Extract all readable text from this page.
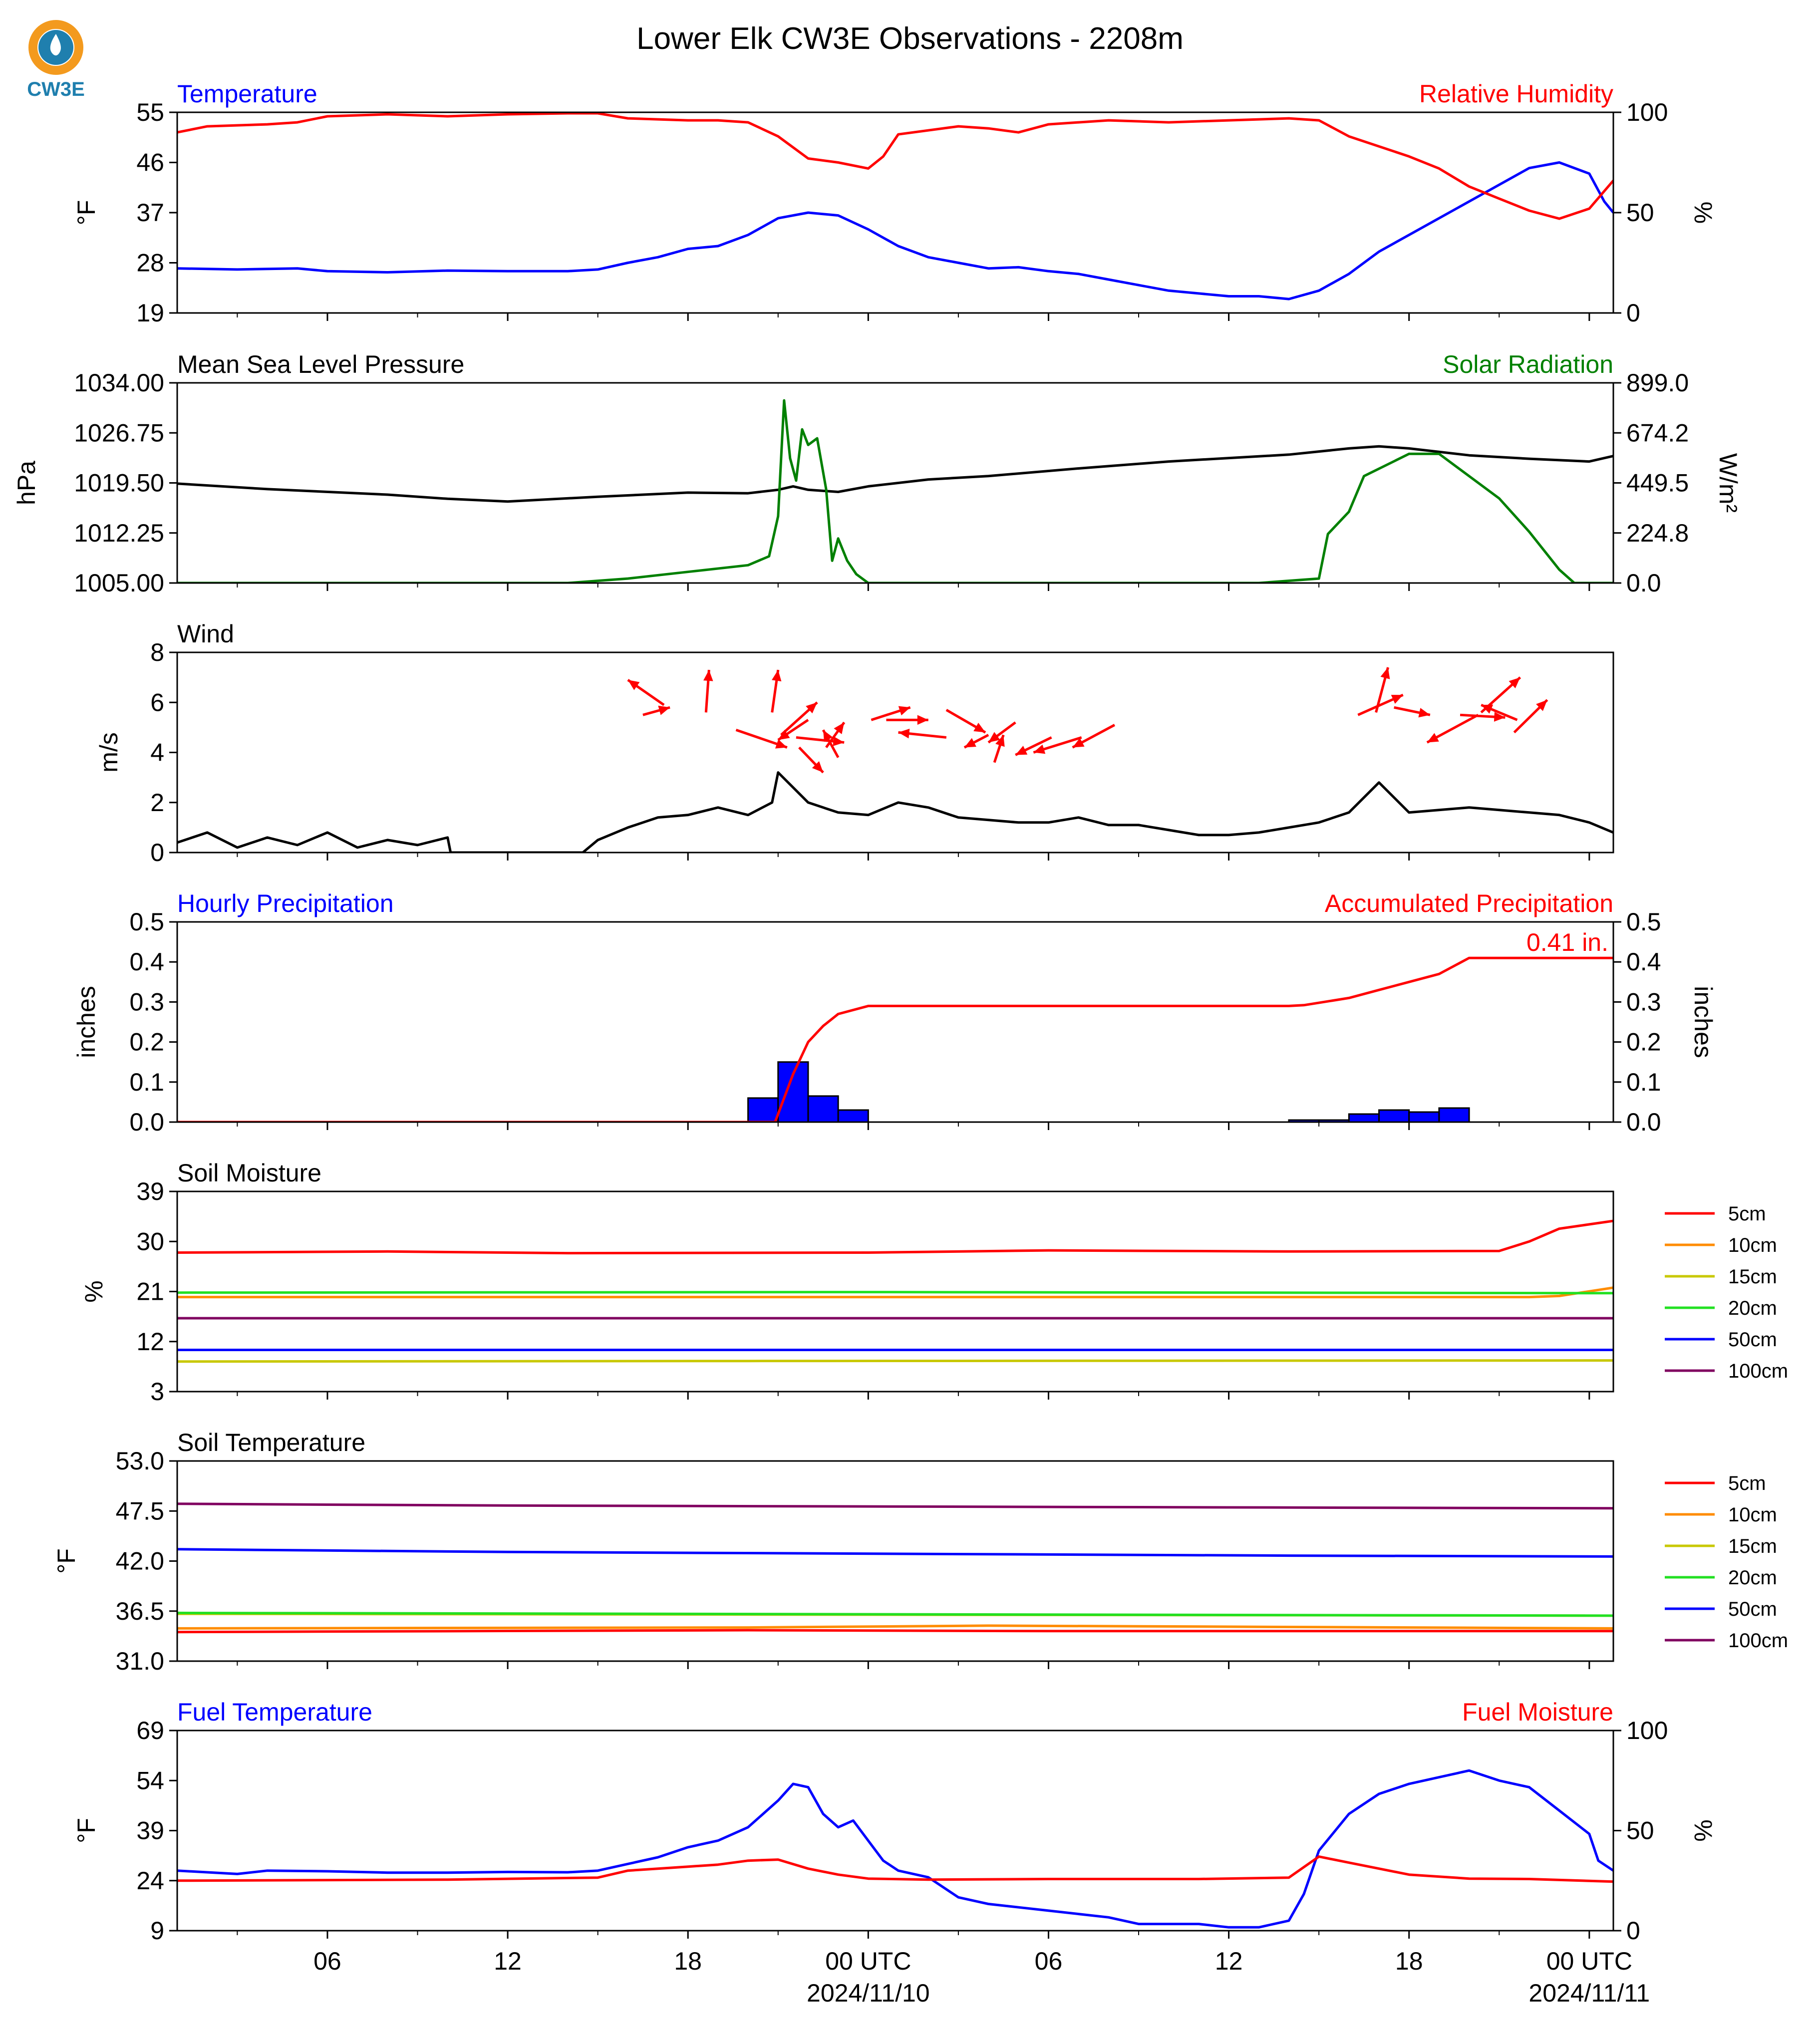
CW3E
Lower Elk CW3E Observations - 2208m
Temperature	Relative Humidity
55
46
37
28
19
100
50
0
°F	%
Mean Sea Level Pressure	Solar Radiation
1034.00
1026.75
1019.50
1012.25
1005.00
899.0
674.2
449.5
224.8
0.0
hPa	W/m²
Wind
8
6
4
2
0
m/s
Hourly Precipitation	Accumulated Precipitation
0.5
0.4
0.3
0.2
0.1
0.0
0.5
0.4
0.3
0.2
0.1
0.0
inches	inches
0.41 in.
Soil Moisture
39
30
21
12
3
%
5cm
10cm
15cm
20cm
50cm
100cm
Soil Temperature
53.0
47.5
42.0
36.5
31.0
°F
5cm
10cm
15cm
20cm
50cm
100cm
Fuel Temperature	Fuel Moisture
69
54
39
24
9
100
50
0
°F	%
06	12	18	00 UTC	06	12	18	00 UTC
2024/11/10	2024/11/11
